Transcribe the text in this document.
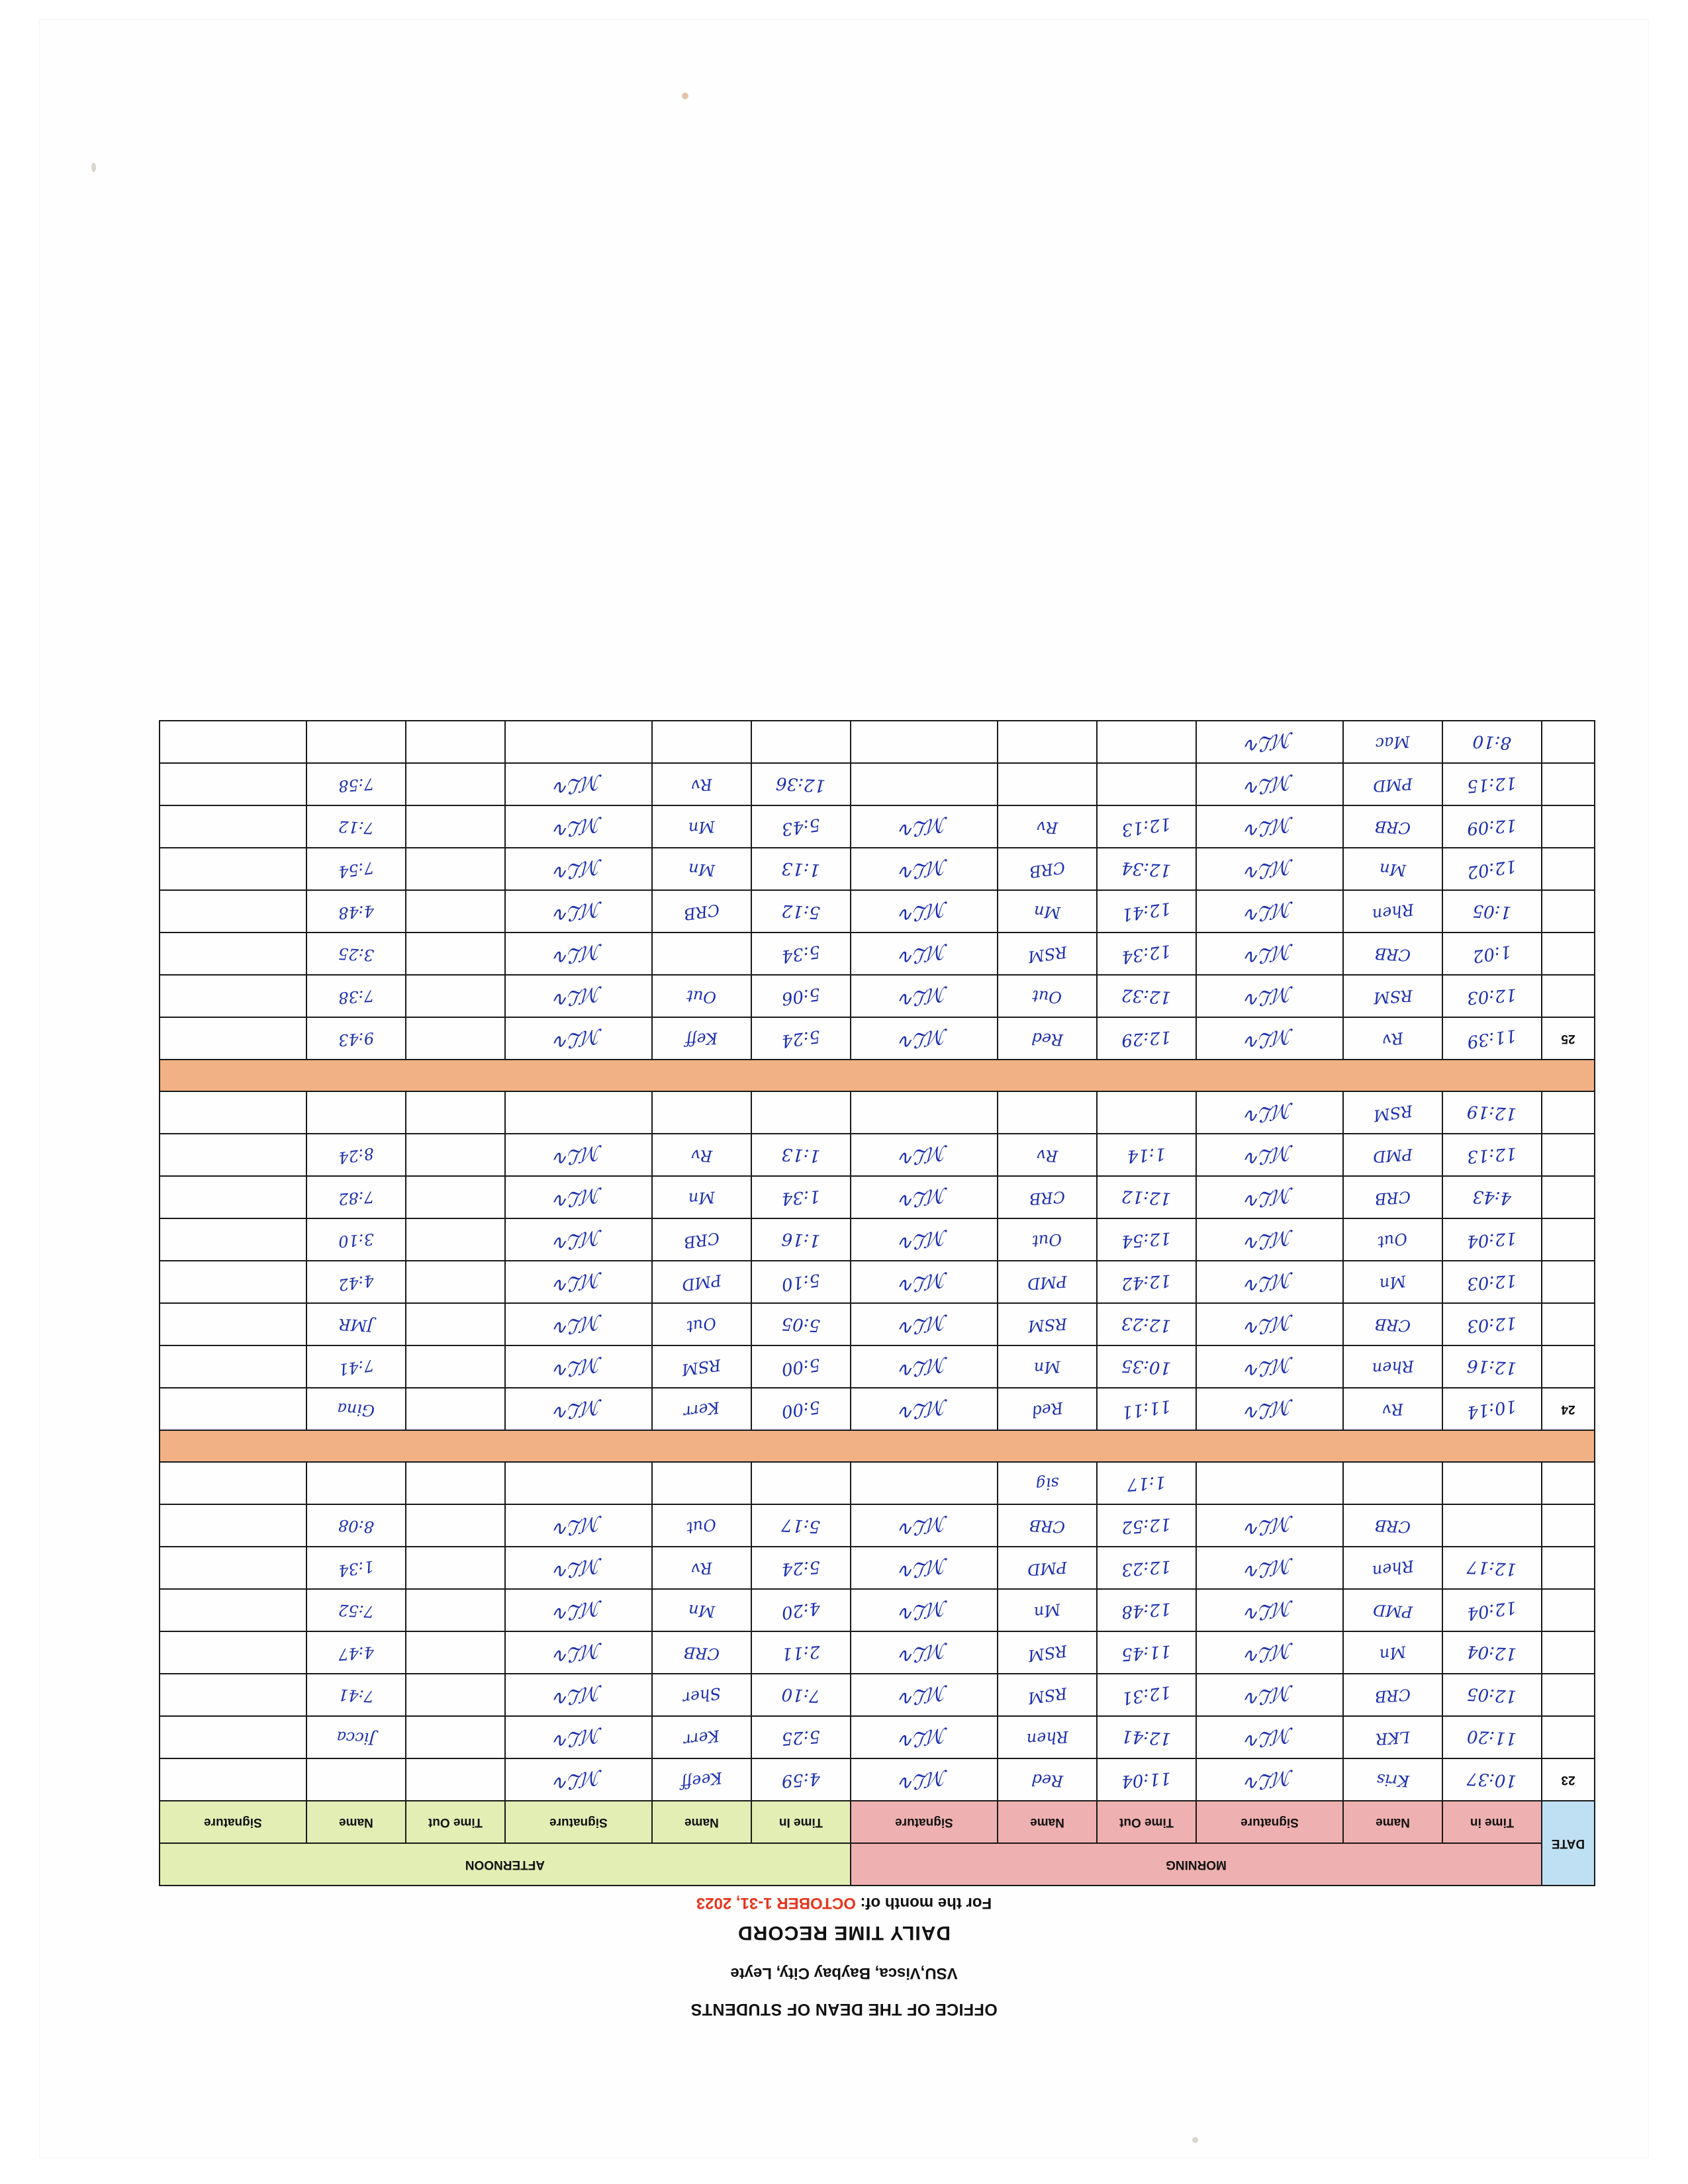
OFFICE OF THE DEAN OF STUDENTS
VSU,Visca, Baybay City, Leyte
DAILY TIME RECORD
For the month of: OCTOBER 1-31, 2023
DATE	MORNING						AFTERNOON					
	Time in	Name	Signature	Time Out	Name	Signature	Time In	Name	Signature	Time Out	Name	Signature
23	10:37	Kris	ℳℒ∿	11:04	Red	ℳℒ∿	4:59	Keeff	ℳℒ∿			
	11:20	LKR	ℳℒ∿	12:41	Rhen	ℳℒ∿	5:25	Kerr	ℳℒ∿		Jicca	
	12:05	CRB	ℳℒ∿	12:31	RSM	ℳℒ∿	7:10	Sher	ℳℒ∿		7:41	
	12:04	Mn	ℳℒ∿	11:45	RSM	ℳℒ∿	2:11	CRB	ℳℒ∿		4:47	
	12:04	PMD	ℳℒ∿	12:48	Mn	ℳℒ∿	4:20	Mn	ℳℒ∿		7:52	
	12:17	Rhen	ℳℒ∿	12:23	PMD	ℳℒ∿	5:24	Rv	ℳℒ∿		1:34	
		CRB	ℳℒ∿	12:52	CRB	ℳℒ∿	5:17	Out	ℳℒ∿		8:08	
				1:17	sig							

24	10:14	Rv	ℳℒ∿	11:11	Red	ℳℒ∿	5:00	Kerr	ℳℒ∿		Gina	
	12:16	Rhen	ℳℒ∿	10:35	Mn	ℳℒ∿	5:00	RSM	ℳℒ∿		7:41	
	12:03	CRB	ℳℒ∿	12:23	RSM	ℳℒ∿	5:05	Out	ℳℒ∿		JMR	
	12:03	Mn	ℳℒ∿	12:42	PMD	ℳℒ∿	5:10	PMD	ℳℒ∿		4:42	
	12:04	Out	ℳℒ∿	12:54	Out	ℳℒ∿	1:16	CRB	ℳℒ∿		3:10	
	4:43	CRB	ℳℒ∿	12:12	CRB	ℳℒ∿	1:34	Mn	ℳℒ∿		7:82	
	12:13	PMD	ℳℒ∿	1:14	Rv	ℳℒ∿	1:13	Rv	ℳℒ∿		8:24	
	12:19	RSM	ℳℒ∿									

25	11:39	Rv	ℳℒ∿	12:29	Red	ℳℒ∿	5:24	Keff	ℳℒ∿		9:43	
	12:03	RSM	ℳℒ∿	12:32	Out	ℳℒ∿	5:06	Out	ℳℒ∿		7:38	
	1:02	CRB	ℳℒ∿	12:34	RSM	ℳℒ∿	5:34		ℳℒ∿		3:25	
	1:05	Rhen	ℳℒ∿	12:41	Mn	ℳℒ∿	5:12	CRB	ℳℒ∿		4:48	
	12:02	Mn	ℳℒ∿	12:34	CRB	ℳℒ∿	1:13	Mn	ℳℒ∿		7:54	
	12:09	CRB	ℳℒ∿	12:13	Rv	ℳℒ∿	5:43	Mn	ℳℒ∿		7:12	
	12:15	PMD	ℳℒ∿				12:36	Rv	ℳℒ∿		7:58	
	8:10	Mac	ℳℒ∿									
